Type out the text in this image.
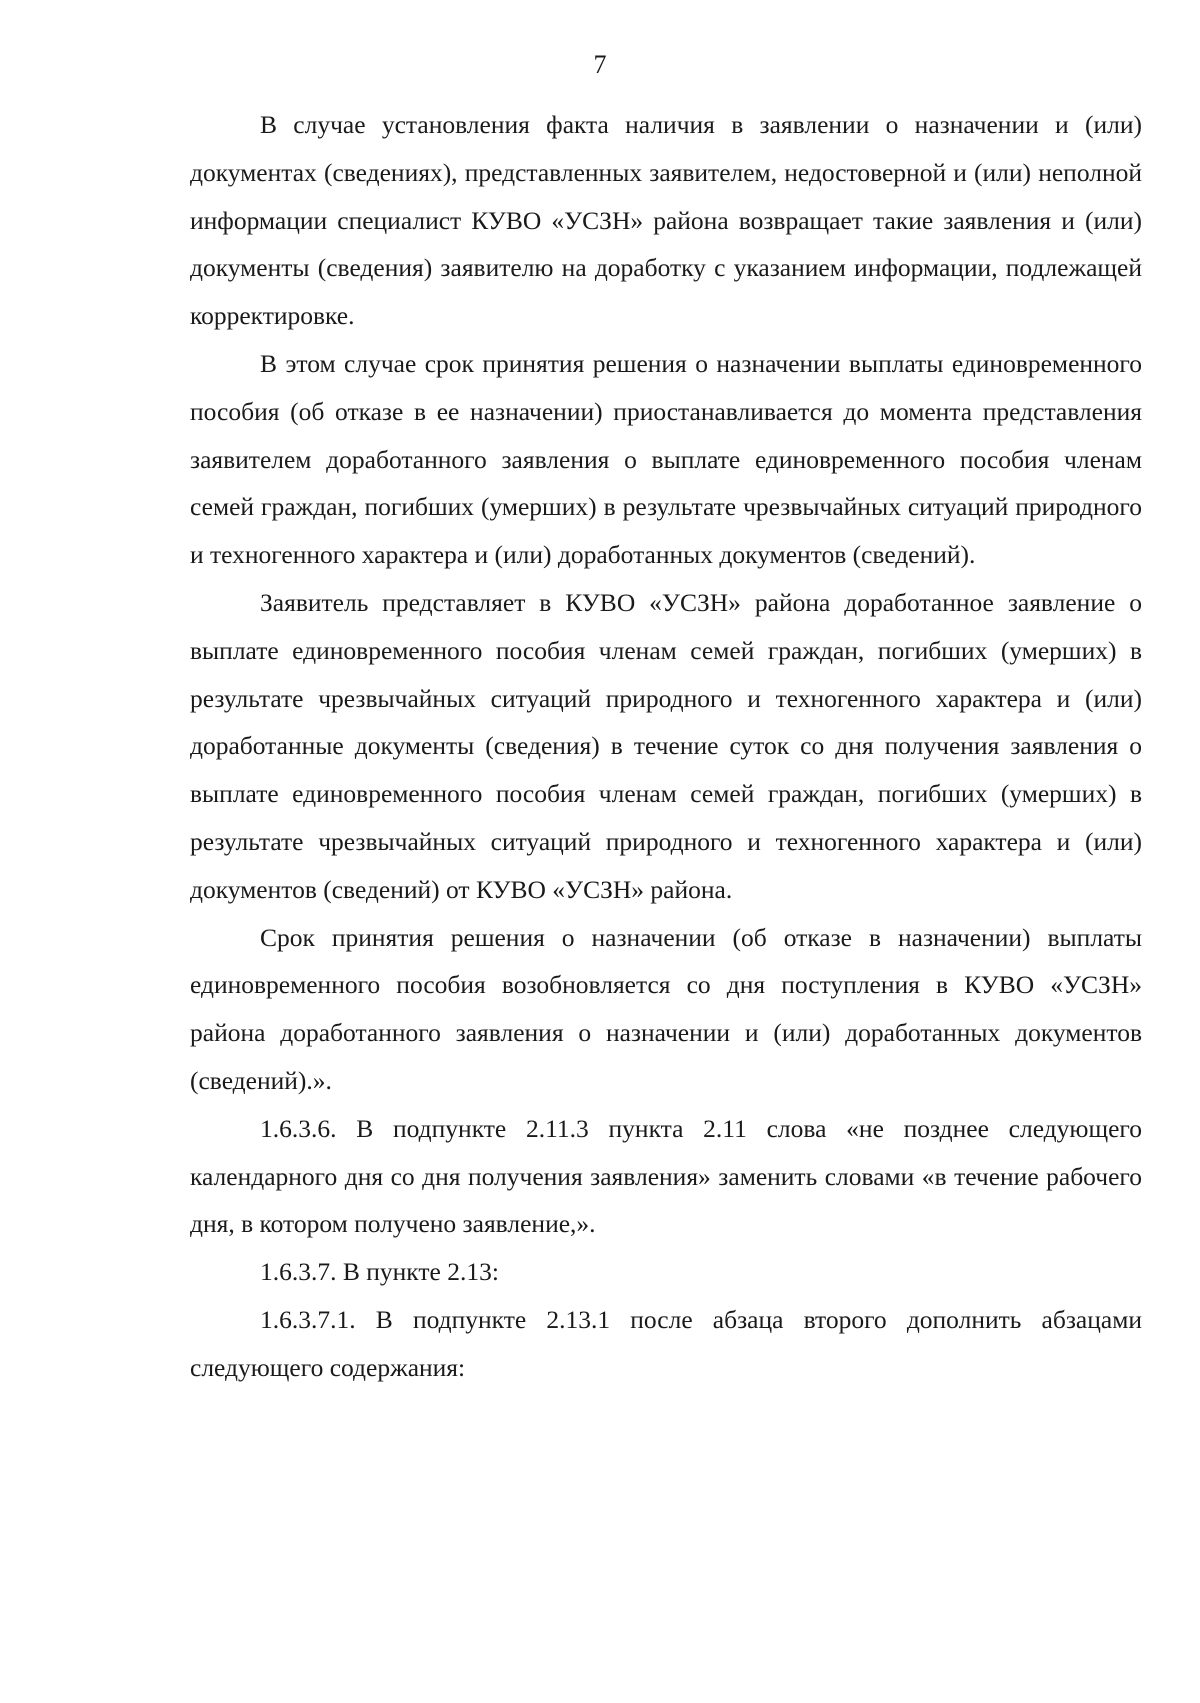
7

В случае установления факта наличия в заявлении о назначении и (или) документах (сведениях), представленных заявителем, недостоверной и (или) неполной информации специалист КУВО «УСЗН» района возвращает такие заявления и (или) документы (сведения) заявителю на доработку с указанием информации, подлежащей корректировке.

В этом случае срок принятия решения о назначении выплаты единовременного пособия (об отказе в ее назначении) приостанавливается до момента представления заявителем доработанного заявления о выплате единовременного пособия членам семей граждан, погибших (умерших) в результате чрезвычайных ситуаций природного и техногенного характера и (или) доработанных документов (сведений).

Заявитель представляет в КУВО «УСЗН» района доработанное заявление о выплате единовременного пособия членам семей граждан, погибших (умерших) в результате чрезвычайных ситуаций природного и техногенного характера и (или) доработанные документы (сведения) в течение суток со дня получения заявления о выплате единовременного пособия членам семей граждан, погибших (умерших) в результате чрезвычайных ситуаций природного и техногенного характера и (или) документов (сведений) от КУВО «УСЗН» района.

Срок принятия решения о назначении (об отказе в назначении) выплаты единовременного пособия возобновляется со дня поступления в КУВО «УСЗН» района доработанного заявления о назначении и (или) доработанных документов (сведений).».

1.6.3.6. В подпункте 2.11.3 пункта 2.11 слова «не позднее следующего календарного дня со дня получения заявления» заменить словами «в течение рабочего дня, в котором получено заявление,».

1.6.3.7. В пункте 2.13:

1.6.3.7.1. В подпункте 2.13.1 после абзаца второго дополнить абзацами следующего содержания:
